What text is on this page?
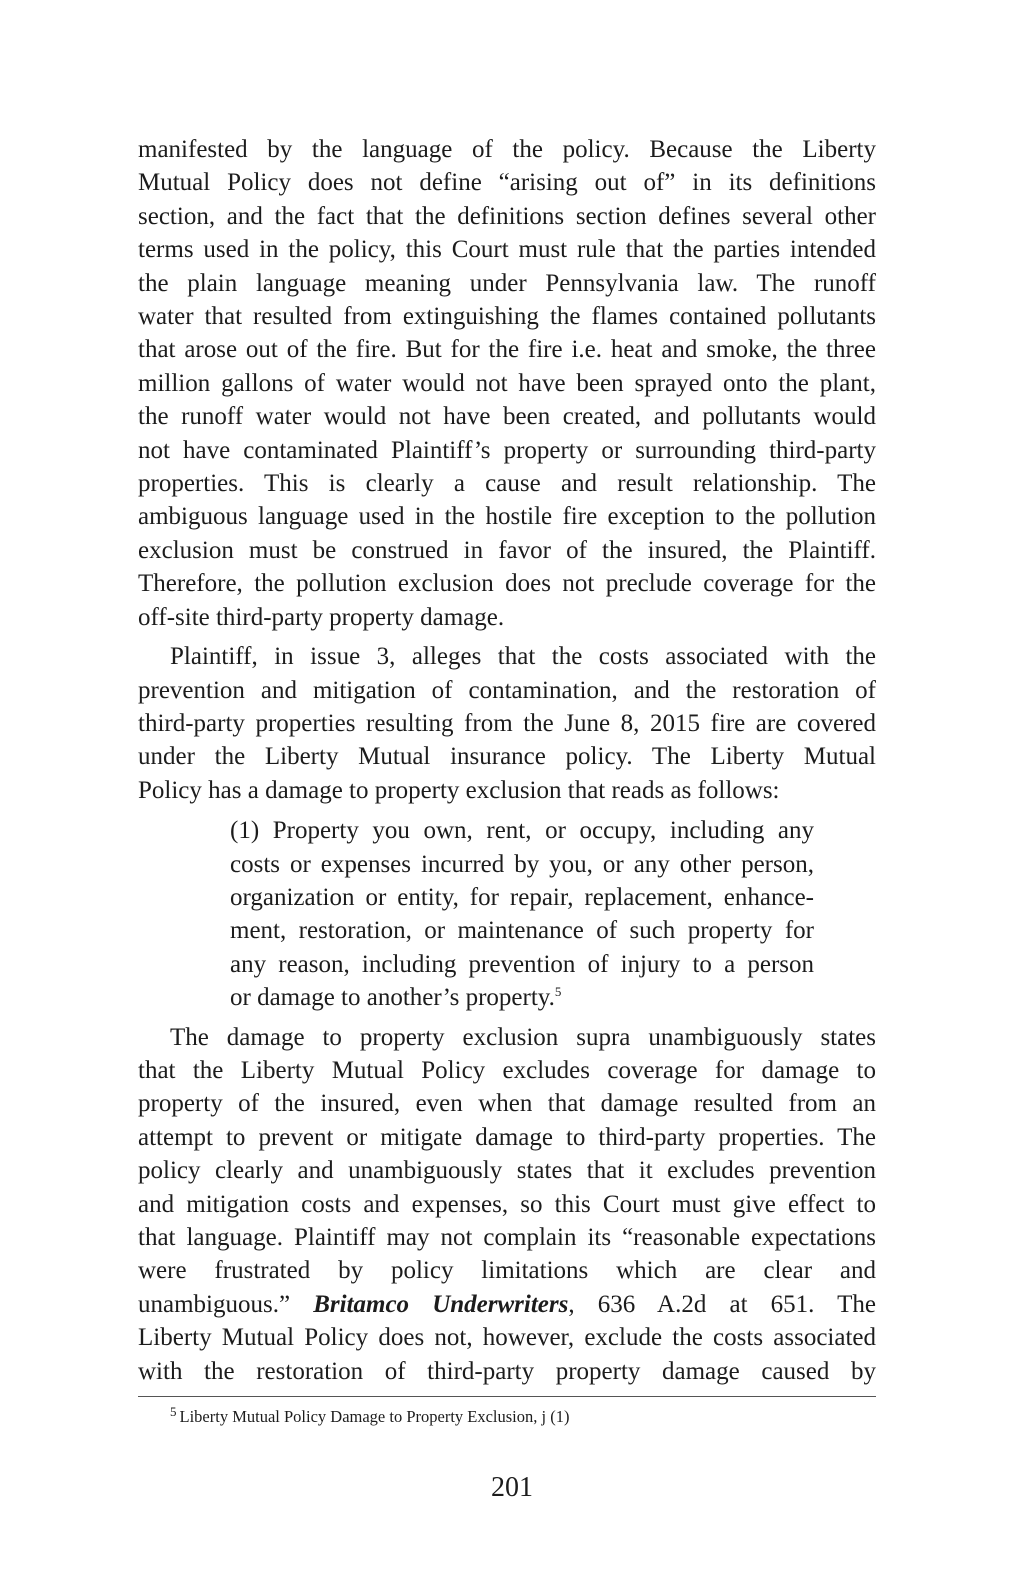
manifested by the language of the policy. Because the Liberty
Mutual Policy does not define “arising out of” in its definitions
section, and the fact that the definitions section defines several other
terms used in the policy, this Court must rule that the parties intended
the plain language meaning under Pennsylvania law. The runoff
water that resulted from extinguishing the flames contained pollutants
that arose out of the fire. But for the fire i.e. heat and smoke, the three
million gallons of water would not have been sprayed onto the plant,
the runoff water would not have been created, and pollutants would
not have contaminated Plaintiff’s property or surrounding third-party
properties. This is clearly a cause and result relationship. The
ambiguous language used in the hostile fire exception to the pollution
exclusion must be construed in favor of the insured, the Plaintiff.
Therefore, the pollution exclusion does not preclude coverage for the
off-site third-party property damage.

Plaintiff, in issue 3, alleges that the costs associated with the
prevention and mitigation of contamination, and the restoration of
third-party properties resulting from the June 8, 2015 fire are covered
under the Liberty Mutual insurance policy. The Liberty Mutual
Policy has a damage to property exclusion that reads as follows:

(1) Property you own, rent, or occupy, including any
costs or expenses incurred by you, or any other person,
organization or entity, for repair, replacement, enhance-
ment, restoration, or maintenance of such property for
any reason, including prevention of injury to a person
or damage to another’s property.$^5$

The damage to property exclusion supra unambiguously states
that the Liberty Mutual Policy excludes coverage for damage to
property of the insured, even when that damage resulted from an
attempt to prevent or mitigate damage to third-party properties. The
policy clearly and unambiguously states that it excludes prevention
and mitigation costs and expenses, so this Court must give effect to
that language. Plaintiff may not complain its “reasonable expectations
were frustrated by policy limitations which are clear and
unambiguous.” Britamco Underwriters, 636 A.2d at 651. The
Liberty Mutual Policy does not, however, exclude the costs associated
with the restoration of third-party property damage caused by

$^5$ Liberty Mutual Policy Damage to Property Exclusion, j (1)
201
